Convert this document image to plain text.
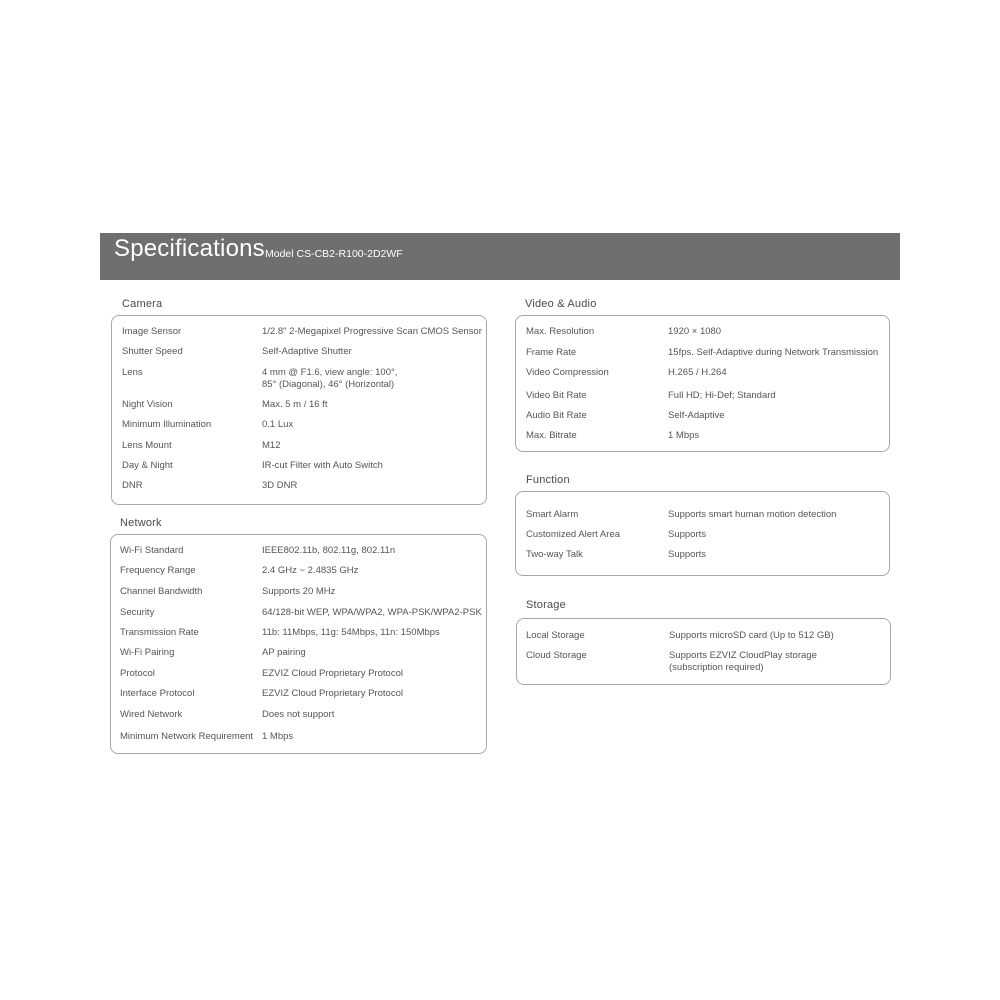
Specifications Model CS-CB2-R100-2D2WF
Camera
Image Sensor	1/2.8" 2-Megapixel Progressive Scan CMOS Sensor
Shutter Speed	Self-Adaptive Shutter
Lens	4 mm @ F1.6, view angle: 100°,
85° (Diagonal), 46° (Horizontal)
Night Vision	Max. 5 m / 16 ft
Minimum Illumination	0.1 Lux
Lens Mount	M12
Day & Night	IR-cut Filter with Auto Switch
DNR	3D DNR
Network
Wi-Fi Standard	IEEE802.11b, 802.11g, 802.11n
Frequency Range	2.4 GHz ~ 2.4835 GHz
Channel Bandwidth	Supports 20 MHz
Security	64/128-bit WEP, WPA/WPA2, WPA-PSK/WPA2-PSK
Transmission Rate	11b: 11Mbps, 11g: 54Mbps, 11n: 150Mbps
Wi-Fi Pairing	AP pairing
Protocol	EZVIZ Cloud Proprietary Protocol
Interface Protocol	EZVIZ Cloud Proprietary Protocol
Wired Network	Does not support
Minimum Network Requirement 1 Mbps
Video & Audio
Max. Resolution	1920 × 1080
Frame Rate	15fps. Self-Adaptive during Network Transmission
Video Compression	H.265 / H.264
Video Bit Rate	Full HD; Hi-Def; Standard
Audio Bit Rate	Self-Adaptive
Max. Bitrate	1 Mbps
Function
Smart Alarm	Supports smart human motion detection
Customized Alert Area	Supports
Two-way Talk	Supports
Storage
Local Storage	Supports microSD card (Up to 512 GB)
Cloud Storage	Supports EZVIZ CloudPlay storage
(subscription required)
